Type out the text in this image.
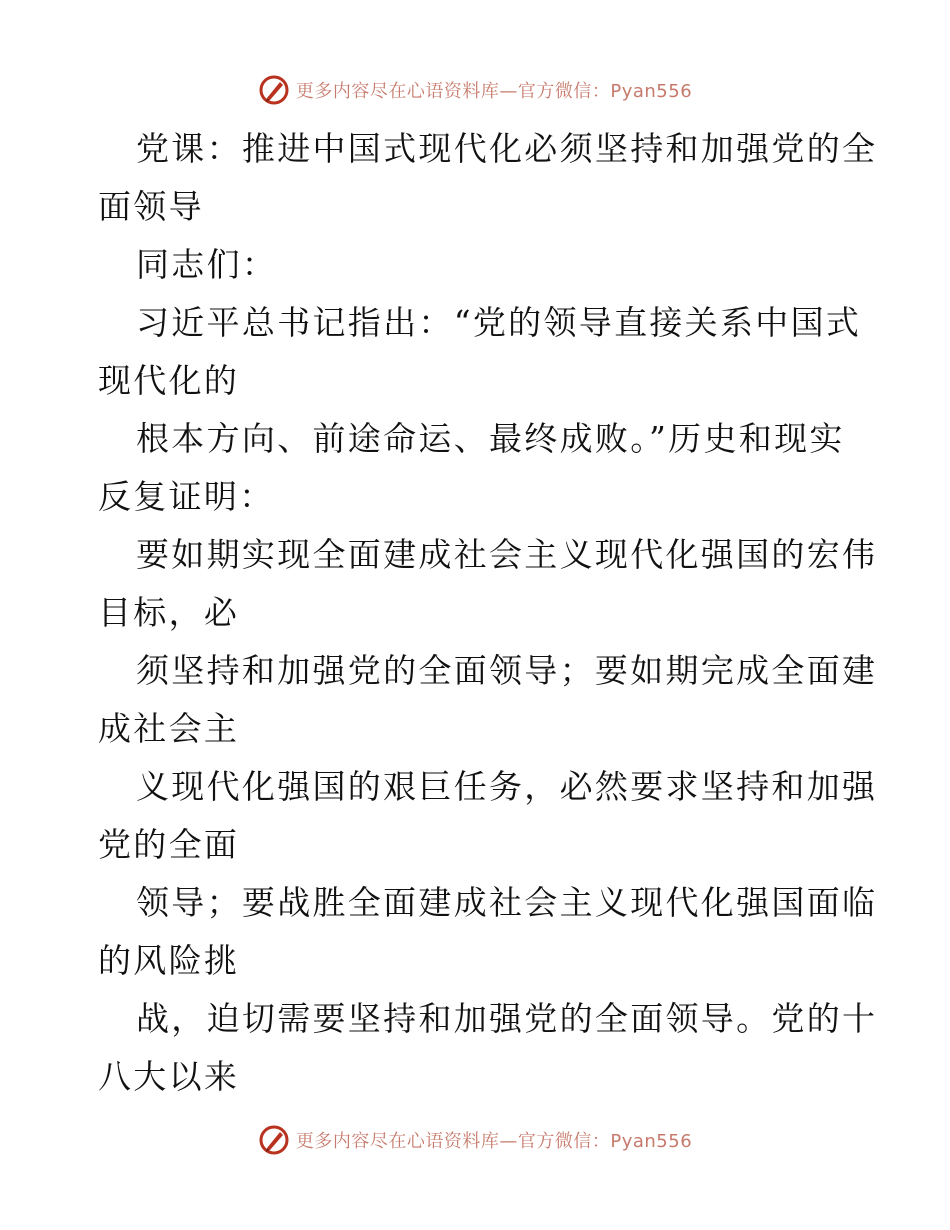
更多内容尽在心语资料库—官方微信：Pyan556
党课：推进中国式现代化必须坚持和加强党的全
面领导
同志们：
习近平总书记指出：“党的领导直接关系中国式
现代化的
根本方向、前途命运、最终成败。”历史和现实
反复证明：
要如期实现全面建成社会主义现代化强国的宏伟
目标，必
须坚持和加强党的全面领导；要如期完成全面建
成社会主
义现代化强国的艰巨任务，必然要求坚持和加强
党的全面
领导；要战胜全面建成社会主义现代化强国面临
的风险挑
战，迫切需要坚持和加强党的全面领导。党的十
八大以来
更多内容尽在心语资料库—官方微信：Pyan556
